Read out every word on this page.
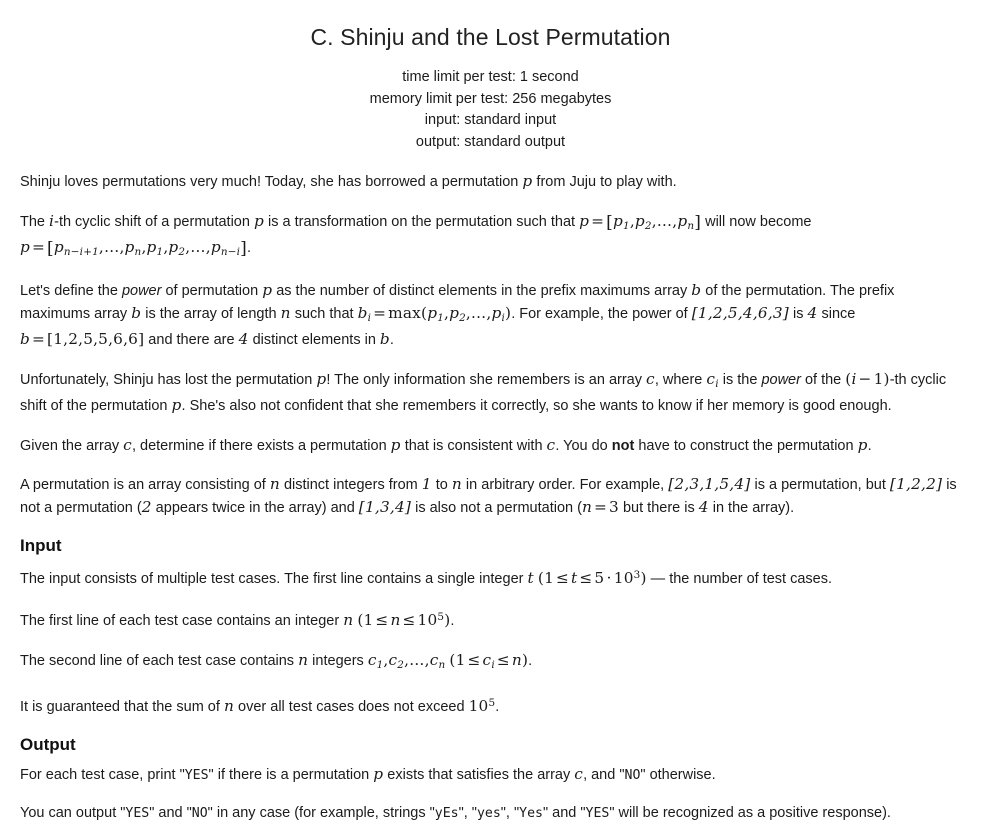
C. Shinju and the Lost Permutation
time limit per test: 1 second
memory limit per test: 256 megabytes
input: standard input
output: standard output

Shinju loves permutations very much! Today, she has borrowed a permutation p from Juju to play with.

The i-th cyclic shift of a permutation p is a transformation on the permutation such that $p = [p_1,p_2,\dots,p_n]$ will now become $p = [p_{n-i+1},\dots,p_n,p_1,p_2,\dots,p_{n-i}]$.

Let's define the power of permutation p as the number of distinct elements in the prefix maximums array b of the permutation. The prefix maximums array b is the array of length n such that $b_i$ = $\max(p_1,p_2,\dots,p_i)$. For example, the power of [1,2,5,4,6,3] is 4 since b = [1,2,5,5,6,6] and there are 4 distinct elements in b.

Unfortunately, Shinju has lost the permutation p! The only information she remembers is an array c, where $c_i$ is the power of the (i − 1)-th cyclic shift of the permutation p. She's also not confident that she remembers it correctly, so she wants to know if her memory is good enough.

Given the array c, determine if there exists a permutation p that is consistent with c. You do not have to construct the permutation p.

A permutation is an array consisting of n distinct integers from 1 to n in arbitrary order. For example, [2,3,1,5,4] is a permutation, but [1,2,2] is not a permutation (2 appears twice in the array) and [1,3,4] is also not a permutation (n = 3 but there is 4 in the array).

Input

The input consists of multiple test cases. The first line contains a single integer t $(1 \le t \le 5 \cdot 10^3)$ — the number of test cases.

The first line of each test case contains an integer n $(1 \le n \le 10^5)$.

The second line of each test case contains n integers $c_1,c_2,\dots,c_n$ $(1 \le c_i \le n)$.

It is guaranteed that the sum of n over all test cases does not exceed $10^5$.

Output

For each test case, print "YES" if there is a permutation p exists that satisfies the array c, and "NO" otherwise.

You can output "YES" and "NO" in any case (for example, strings "yEs", "yes", "Yes" and "YES" will be recognized as a positive response).
